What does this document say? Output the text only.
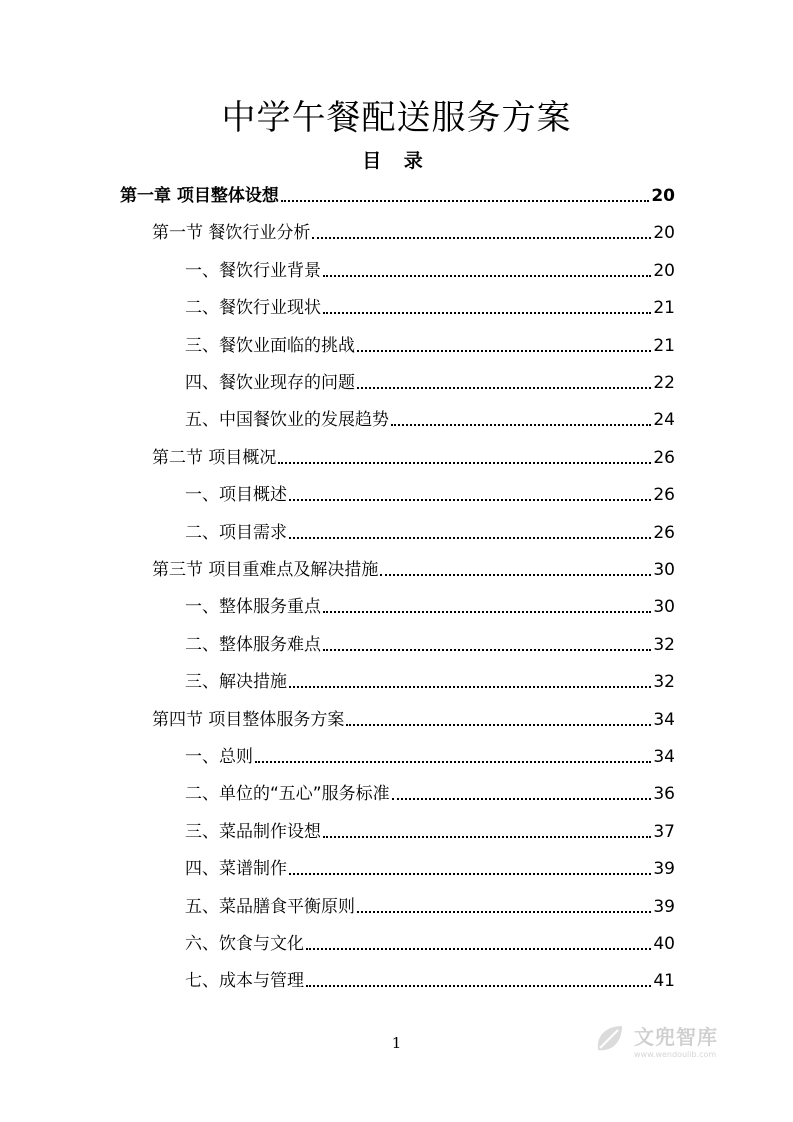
中学午餐配送服务方案
目 录
第一章 项目整体设想	20
第一节 餐饮行业分析	20
一、餐饮行业背景	20
二、餐饮行业现状	21
三、餐饮业面临的挑战	21
四、餐饮业现存的问题	22
五、中国餐饮业的发展趋势	24
第二节 项目概况	26
一、项目概述	26
二、项目需求	26
第三节 项目重难点及解决措施	30
一、整体服务重点	30
二、整体服务难点	32
三、解决措施	32
第四节 项目整体服务方案	34
一、总则	34
二、单位的“五心”服务标准	36
三、菜品制作设想	37
四、菜谱制作	39
五、菜品膳食平衡原则	39
六、饮食与文化	40
七、成本与管理	41
1	文兜智库
www.wendoulib.com
